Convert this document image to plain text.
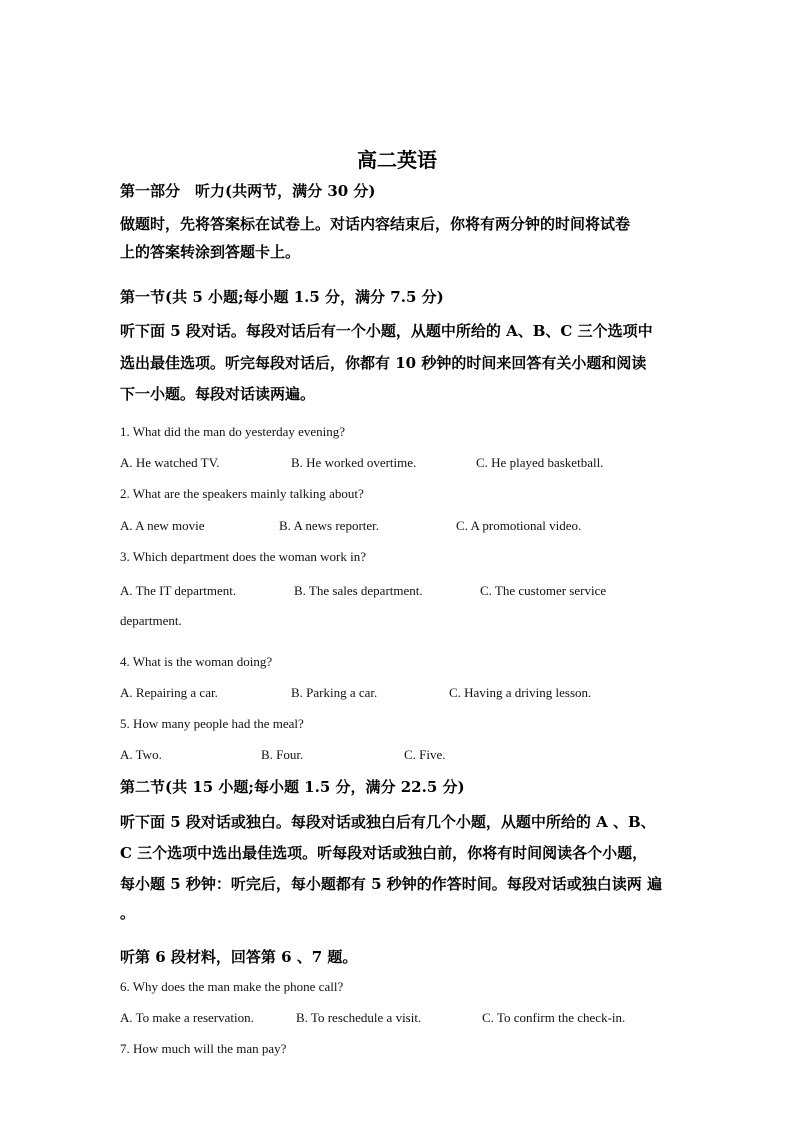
高二英语
第一部分　听力(共两节，满分 30 分)
做题时，先将答案标在试卷上。对话内容结束后，你将有两分钟的时间将试卷
上的答案转涂到答题卡上。
第一节(共 5 小题;每小题 1.5 分，满分 7.5 分)
听下面 5 段对话。每段对话后有一个小题，从题中所给的 A、B、C 三个选项中
选出最佳选项。听完每段对话后，你都有 10 秒钟的时间来回答有关小题和阅读
下一小题。每段对话读两遍。
1. What did the man do yesterday evening?
A. He watched TV.	B. He worked overtime.	C. He played basketball.
2. What are the speakers mainly talking about?
A. A new movie	B. A news reporter.	C. A promotional video.
3. Which department does the woman work in?
A. The IT department.	B. The sales department.	C. The customer service
department.
4. What is the woman doing?
A. Repairing a car.	B. Parking a car.	C. Having a driving lesson.
5. How many people had the meal?
A. Two.	B. Four.	C. Five.
第二节(共 15 小题;每小题 1.5 分，满分 22.5 分)
听下面 5 段对话或独白。每段对话或独白后有几个小题，从题中所给的 A 、B、
C 三个选项中选出最佳选项。听每段对话或独白前，你将有时间阅读各个小题，
每小题 5 秒钟：听完后，每小题都有 5 秒钟的作答时间。每段对话或独白读两 遍
。
听第 6 段材料，回答第 6 、7 题。
6. Why does the man make the phone call?
A. To make a reservation.	B. To reschedule a visit.	C. To confirm the check-in.
7. How much will the man pay?
